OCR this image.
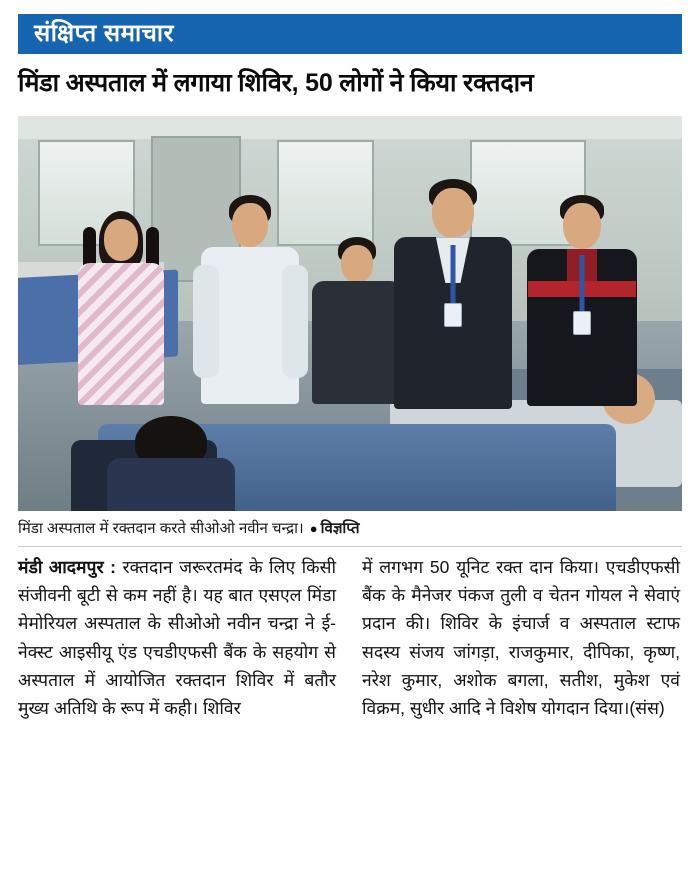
संक्षिप्त समाचार
मिंडा अस्पताल में लगाया शिविर, 50 लोगों ने किया रक्तदान
मिंडा अस्पताल में रक्तदान करते सीओओ नवीन चन्द्रा। ● विज्ञप्ति

मंडी आदमपुर : रक्तदान जरूरतमंद के लिए किसी संजीवनी बूटी से कम नहीं है। यह बात एसएल मिंडा मेमोरियल अस्पताल के सीओओ नवीन चन्द्रा ने ई-नेक्स्ट आइसीयू एंड एचडीएफसी बैंक के सहयोग से अस्पताल में आयोजित रक्तदान शिविर में बतौर मुख्य अतिथि के रूप में कही। शिविर

में लगभग 50 यूनिट रक्त दान किया। एचडीएफसी बैंक के मैनेजर पंकज तुली व चेतन गोयल ने सेवाएं प्रदान की। शिविर के इंचार्ज व अस्पताल स्टाफ सदस्य संजय जांगड़ा, राजकुमार, दीपिका, कृष्ण, नरेश कुमार, अशोक बगला, सतीश, मुकेश एवं विक्रम, सुधीर आदि ने विशेष योगदान दिया।(संस)
